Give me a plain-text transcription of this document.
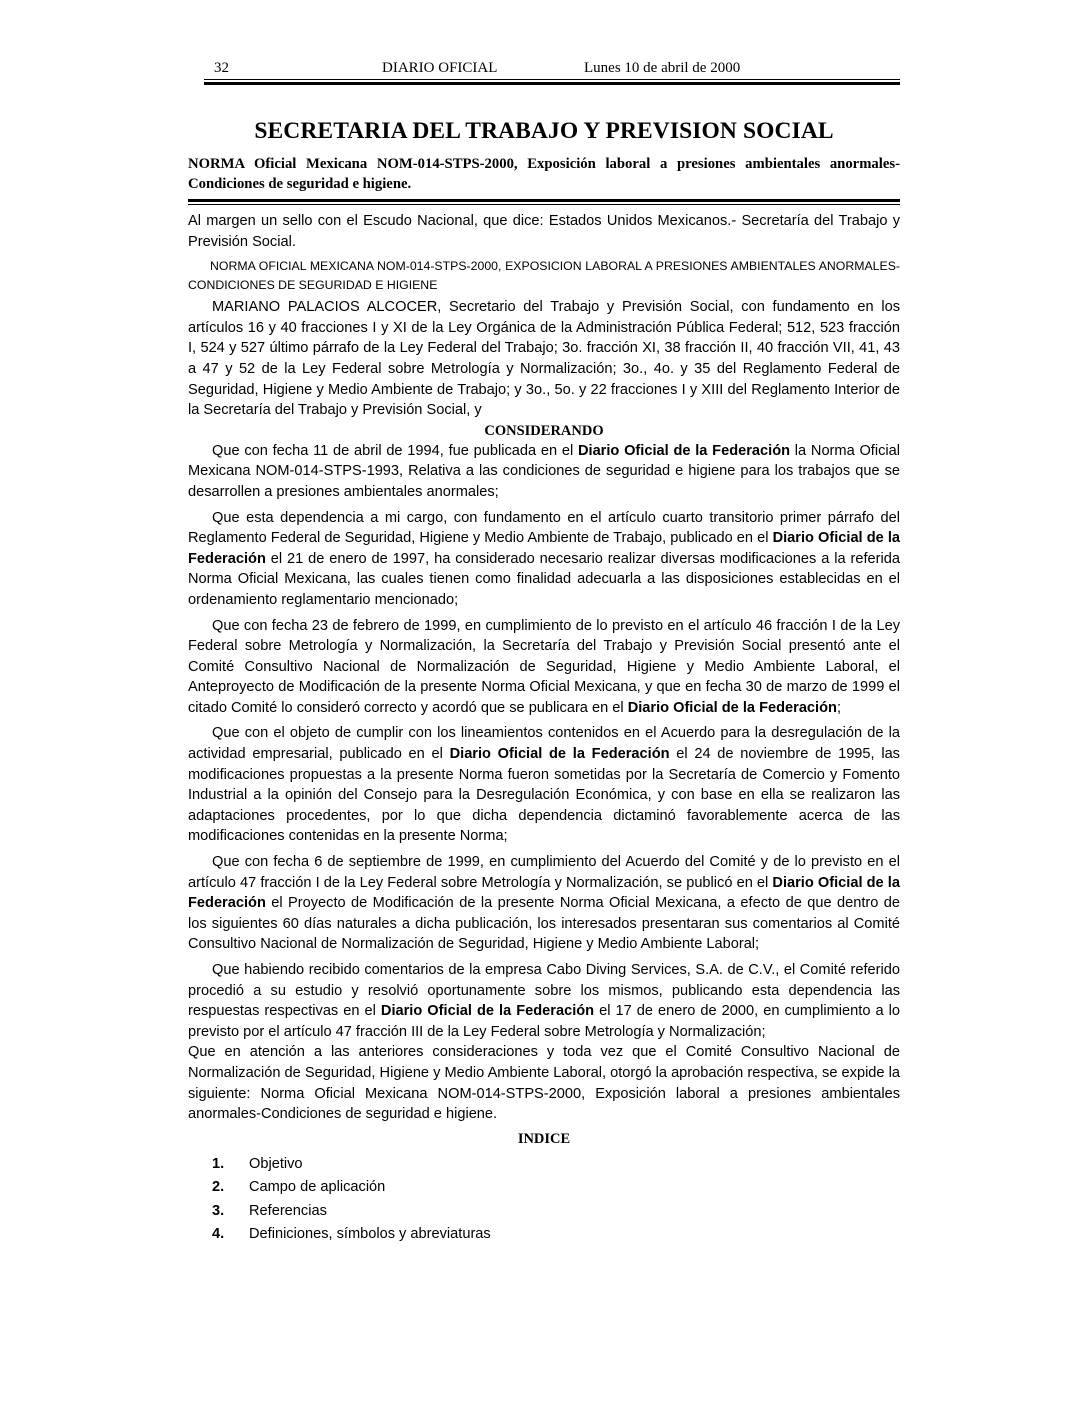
32	DIARIO OFICIAL	Lunes 10 de abril de 2000
SECRETARIA DEL TRABAJO Y PREVISION SOCIAL
NORMA Oficial Mexicana NOM-014-STPS-2000, Exposición laboral a presiones ambientales anormales-Condiciones de seguridad e higiene.

Al margen un sello con el Escudo Nacional, que dice: Estados Unidos Mexicanos.- Secretaría del Trabajo y Previsión Social.

NORMA OFICIAL MEXICANA NOM-014-STPS-2000, EXPOSICION LABORAL A PRESIONES AMBIENTALES ANORMALES-CONDICIONES DE SEGURIDAD E HIGIENE

MARIANO PALACIOS ALCOCER, Secretario del Trabajo y Previsión Social, con fundamento en los artículos 16 y 40 fracciones I y XI de la Ley Orgánica de la Administración Pública Federal; 512, 523 fracción I, 524 y 527 último párrafo de la Ley Federal del Trabajo; 3o. fracción XI, 38 fracción II, 40 fracción VII, 41, 43 a 47 y 52 de la Ley Federal sobre Metrología y Normalización; 3o., 4o. y 35 del Reglamento Federal de Seguridad, Higiene y Medio Ambiente de Trabajo; y 3o., 5o. y 22 fracciones I y XIII del Reglamento Interior de la Secretaría del Trabajo y Previsión Social, y

CONSIDERANDO

Que con fecha 11 de abril de 1994, fue publicada en el Diario Oficial de la Federación la Norma Oficial Mexicana NOM-014-STPS-1993, Relativa a las condiciones de seguridad e higiene para los trabajos que se desarrollen a presiones ambientales anormales;

Que esta dependencia a mi cargo, con fundamento en el artículo cuarto transitorio primer párrafo del Reglamento Federal de Seguridad, Higiene y Medio Ambiente de Trabajo, publicado en el Diario Oficial de la Federación el 21 de enero de 1997, ha considerado necesario realizar diversas modificaciones a la referida Norma Oficial Mexicana, las cuales tienen como finalidad adecuarla a las disposiciones establecidas en el ordenamiento reglamentario mencionado;

Que con fecha 23 de febrero de 1999, en cumplimiento de lo previsto en el artículo 46 fracción I de la Ley Federal sobre Metrología y Normalización, la Secretaría del Trabajo y Previsión Social presentó ante el Comité Consultivo Nacional de Normalización de Seguridad, Higiene y Medio Ambiente Laboral, el Anteproyecto de Modificación de la presente Norma Oficial Mexicana, y que en fecha 30 de marzo de 1999 el citado Comité lo consideró correcto y acordó que se publicara en el Diario Oficial de la Federación;

Que con el objeto de cumplir con los lineamientos contenidos en el Acuerdo para la desregulación de la actividad empresarial, publicado en el Diario Oficial de la Federación el 24 de noviembre de 1995, las modificaciones propuestas a la presente Norma fueron sometidas por la Secretaría de Comercio y Fomento Industrial a la opinión del Consejo para la Desregulación Económica, y con base en ella se realizaron las adaptaciones procedentes, por lo que dicha dependencia dictaminó favorablemente acerca de las modificaciones contenidas en la presente Norma;

Que con fecha 6 de septiembre de 1999, en cumplimiento del Acuerdo del Comité y de lo previsto en el artículo 47 fracción I de la Ley Federal sobre Metrología y Normalización, se publicó en el Diario Oficial de la Federación el Proyecto de Modificación de la presente Norma Oficial Mexicana, a efecto de que dentro de los siguientes 60 días naturales a dicha publicación, los interesados presentaran sus comentarios al Comité Consultivo Nacional de Normalización de Seguridad, Higiene y Medio Ambiente Laboral;

Que habiendo recibido comentarios de la empresa Cabo Diving Services, S.A. de C.V., el Comité referido procedió a su estudio y resolvió oportunamente sobre los mismos, publicando esta dependencia las respuestas respectivas en el Diario Oficial de la Federación el 17 de enero de 2000, en cumplimiento a lo previsto por el artículo 47 fracción III de la Ley Federal sobre Metrología y Normalización;

Que en atención a las anteriores consideraciones y toda vez que el Comité Consultivo Nacional de Normalización de Seguridad, Higiene y Medio Ambiente Laboral, otorgó la aprobación respectiva, se expide la siguiente: Norma Oficial Mexicana NOM-014-STPS-2000, Exposición laboral a presiones ambientales anormales-Condiciones de seguridad e higiene.

INDICE
1. Objetivo
2. Campo de aplicación
3. Referencias
4. Definiciones, símbolos y abreviaturas
